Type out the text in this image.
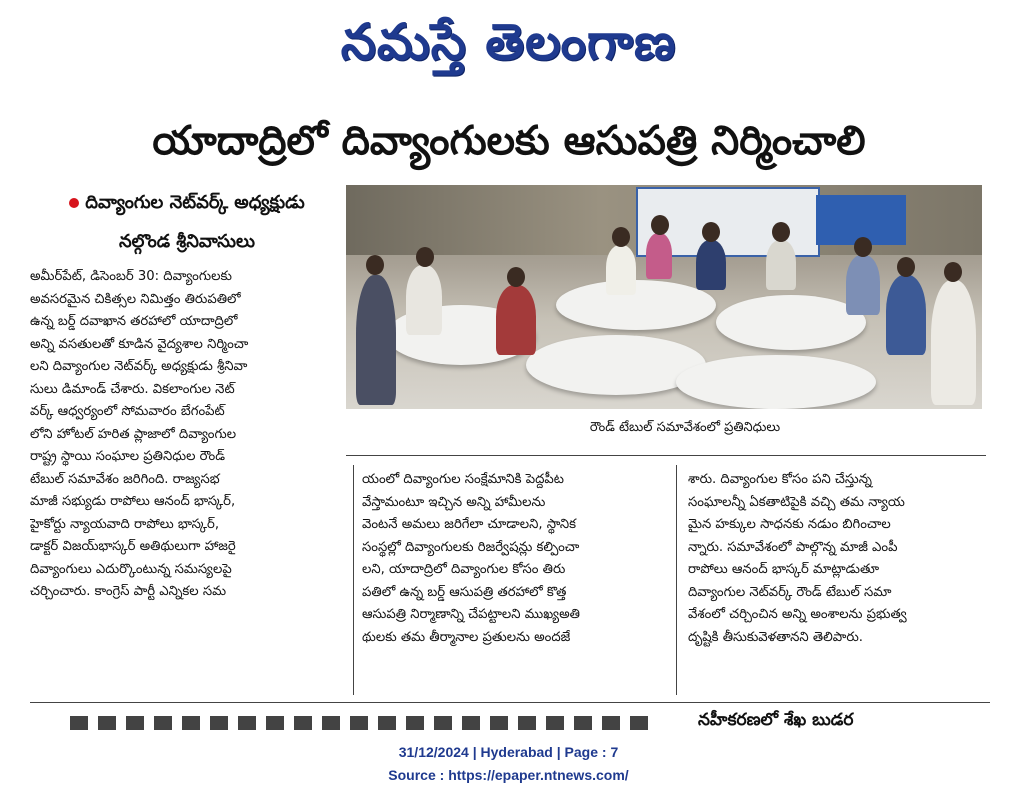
నమస్తే తెలంగాణ
యాదాద్రిలో దివ్యాంగులకు ఆసుపత్రి నిర్మించాలి
దివ్యాంగుల నెట్‌వర్క్ అధ్యక్షుడు
నల్గొండ శ్రీనివాసులు
రౌండ్ టేబుల్ సమావేశంలో ప్రతినిధులు
అమీర్‌పేట్, డిసెంబర్ 30: దివ్యాంగులకు
అవసరమైన చికిత్సల నిమిత్తం తిరుపతిలో
ఉన్న బర్డ్ దవాఖాన తరహాలో యాదాద్రిలో
అన్ని వసతులతో కూడిన వైద్యశాల నిర్మించా
లని దివ్యాంగుల నెట్‌వర్క్ అధ్యక్షుడు శ్రీనివా
సులు డిమాండ్ చేశారు. వికలాంగుల నెట్
వర్క్ ఆధ్వర్యంలో సోమవారం బేగంపేట్
లోని హోటల్ హరిత ప్లాజాలో దివ్యాంగుల
రాష్ట్ర స్థాయి సంఘాల ప్రతినిధుల రౌండ్
టేబుల్ సమావేశం జరిగింది. రాజ్యసభ
మాజీ సభ్యుడు రాపోలు ఆనంద్ భాస్కర్,
హైకోర్టు న్యాయవాది రాపోలు భాస్కర్,
డాక్టర్ విజయ్‌భాస్కర్ అతిథులుగా హాజరై
దివ్యాంగులు ఎదుర్కొంటున్న సమస్యలపై
చర్చించారు. కాంగ్రెస్ పార్టీ ఎన్నికల సమ
యంలో దివ్యాంగుల సంక్షేమానికి పెద్దపీట
వేస్తామంటూ ఇచ్చిన అన్ని హామీలను
వెంటనే అమలు జరిగేలా చూడాలని, స్థానిక
సంస్థల్లో దివ్యాంగులకు రిజర్వేషన్లు కల్పించా
లని, యాదాద్రిలో దివ్యాంగుల కోసం తిరు
పతిలో ఉన్న బర్డ్ ఆసుపత్రి తరహాలో కొత్త
ఆసుపత్రి నిర్మాణాన్ని చేపట్టాలని ముఖ్యఅతి
థులకు తమ తీర్మానాల ప్రతులను అందజే
శారు. దివ్యాంగుల కోసం పని చేస్తున్న
సంఘాలన్నీ ఏకతాటిపైకి వచ్చి తమ న్యాయ
మైన హక్కుల సాధనకు నడుం బిగించాల
న్నారు. సమావేశంలో పాల్గొన్న మాజీ ఎంపీ
రాపోలు ఆనంద్ భాస్కర్ మాట్లాడుతూ
దివ్యాంగుల నెట్‌వర్క్ రౌండ్ టేబుల్ సమా
వేశంలో చర్చించిన అన్ని అంశాలను ప్రభుత్వ
దృష్టికి తీసుకువెళతానని తెలిపారు.
నహీకరణలో శేఖ బుడర
31/12/2024 | Hyderabad | Page : 7
Source : https://epaper.ntnews.com/
